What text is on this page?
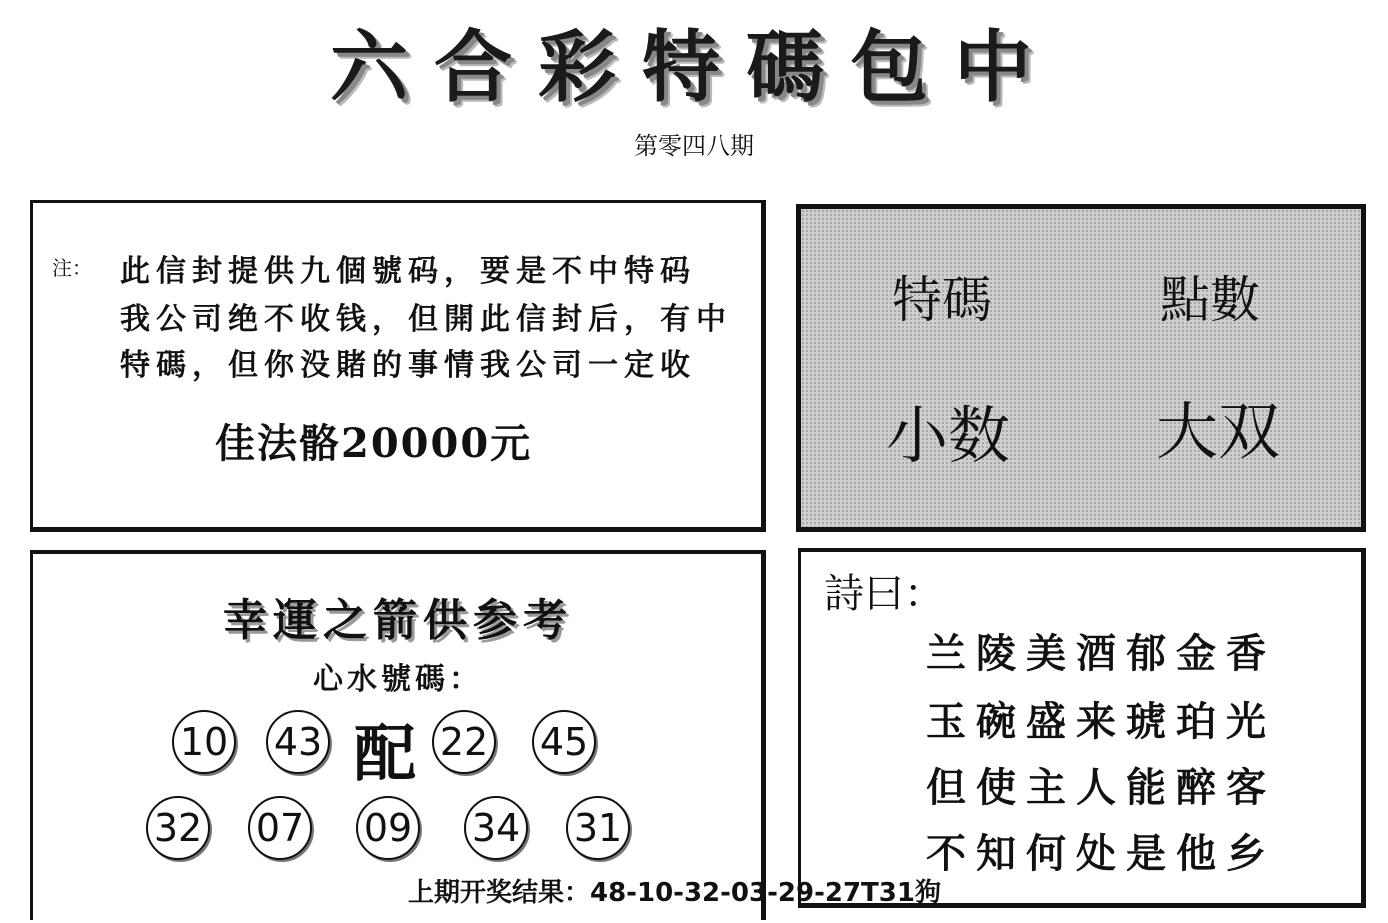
六合彩特碼包中
第零四八期
注： 此信封提供九個號码，要是不中特码
我公司绝不收钱，但開此信封后，有中
特碼，但你没賭的事情我公司一定收
佳法骼20000元
特碼	點數
小数 大双
幸運之箭供参考
心水號碼：
10 43 配 22 45
32 07 09 34 31
詩曰：
兰陵美酒郁金香
玉碗盛来琥珀光
但使主人能醉客
不知何处是他乡
上期开奖结果：48-10-32-03-29-27T31狗
